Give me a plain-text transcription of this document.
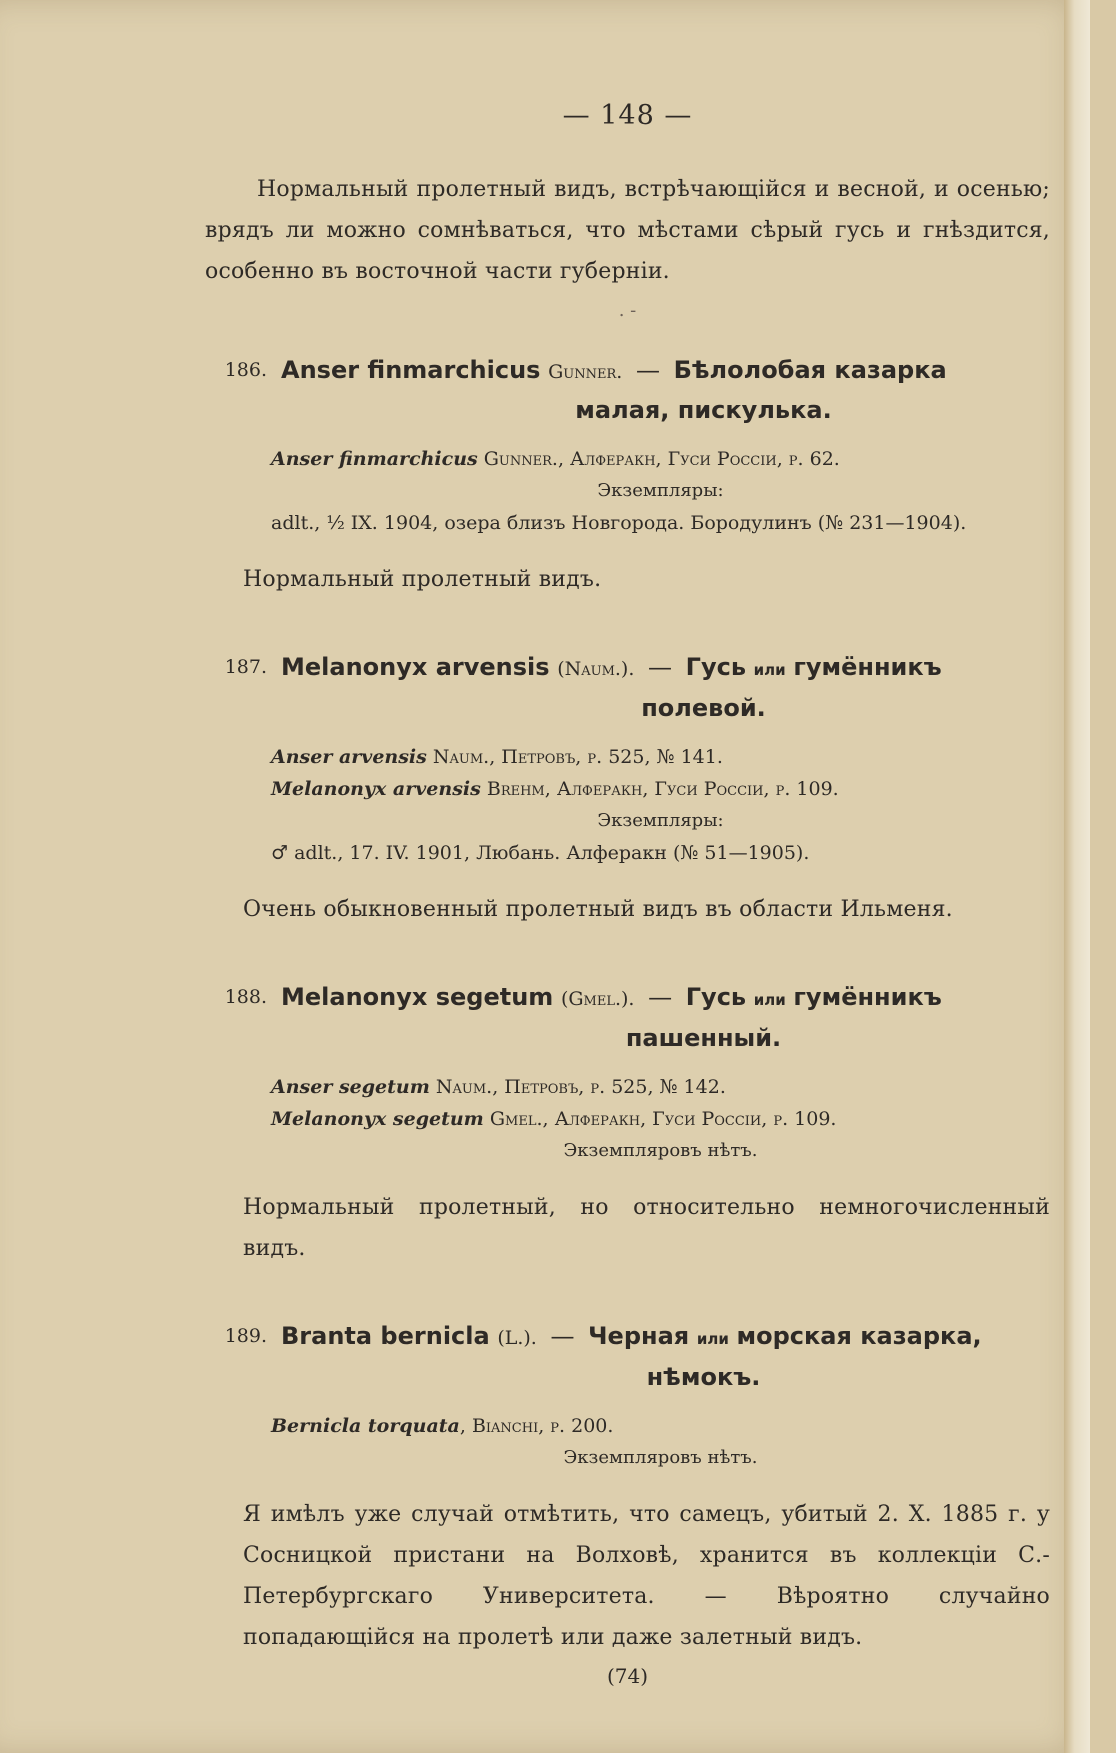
— 148 —

Нормальный пролетный видъ, встрѣчающійся и весной, и осенью; врядъ ли можно сомнѣваться, что мѣстами сѣрый гусь и гнѣздится, особенно въ восточной части губерніи.

. -
186. Anser finmarchicus Gunner. — Бѣлолобая казарка
малая, пискулька.
Anser finmarchicus Gunner., Алферакн, Гуси Россіи, р. 62.
Экземпляры:
adlt., ½ IX. 1904, озера близъ Новгорода. Бородулинъ (№ 231—1904).

Нормальный пролетный видъ.

187. Melanonyx arvensis (Naum.). — Гусь или гумённикъ
полевой.
Anser arvensis Naum., Петровъ, р. 525, № 141.
Melanonyx arvensis Brehm, Алферакн, Гуси Россіи, р. 109.
Экземпляры:
♂ adlt., 17. IV. 1901, Любань. Алферакн (№ 51—1905).

Очень обыкновенный пролетный видъ въ области Ильменя.

188. Melanonyx segetum (Gmel.). — Гусь или гумённикъ
пашенный.
Anser segetum Naum., Петровъ, р. 525, № 142.
Melanonyx segetum Gmel., Алферакн, Гуси Россіи, р. 109.
Экземпляровъ нѣтъ.

Нормальный пролетный, но относительно немногочисленный видъ.

189. Branta bernicla (L.). — Черная или морская казарка,
нѣмокъ.
Bernicla torquata, Bianchi, р. 200.
Экземпляровъ нѣтъ.

Я имѣлъ уже случай отмѣтить, что самецъ, убитый 2. X. 1885 г. у Сосницкой пристани на Волховѣ, хранится въ коллекціи С.-Петербургскаго Университета. — Вѣроятно случайно попадающійся на пролетѣ или даже залетный видъ.

(74)
